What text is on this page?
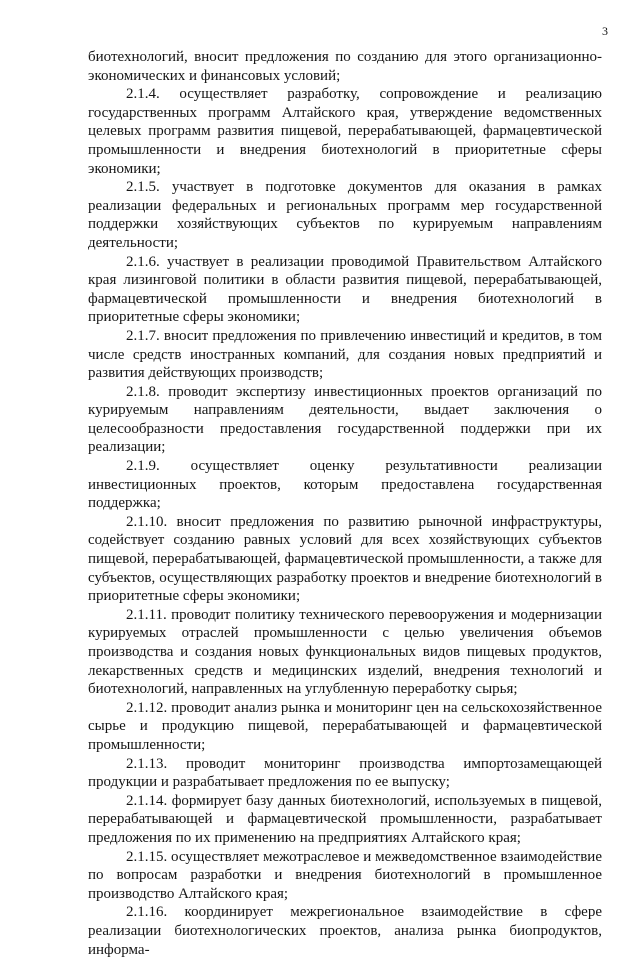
3

биотехнологий, вносит предложения по созданию для этого организационно-экономических и финансовых условий;

2.1.4. осуществляет разработку, сопровождение и реализацию государственных программ Алтайского края, утверждение ведомственных целевых программ развития пищевой, перерабатывающей, фармацевтической промышленности и внедрения биотехнологий в приоритетные сферы экономики;

2.1.5. участвует в подготовке документов для оказания в рамках реализации федеральных и региональных программ мер государственной поддержки хозяйствующих субъектов по курируемым направлениям деятельности;

2.1.6. участвует в реализации проводимой Правительством Алтайского края лизинговой политики в области развития пищевой, перерабатывающей, фармацевтической промышленности и внедрения биотехнологий в приоритетные сферы экономики;

2.1.7. вносит предложения по привлечению инвестиций и кредитов, в том числе средств иностранных компаний, для создания новых предприятий и развития действующих производств;

2.1.8. проводит экспертизу инвестиционных проектов организаций по курируемым направлениям деятельности, выдает заключения о целесообразности предоставления государственной поддержки при их реализации;

2.1.9. осуществляет оценку результативности реализации инвестиционных проектов, которым предоставлена государственная поддержка;

2.1.10. вносит предложения по развитию рыночной инфраструктуры, содействует созданию равных условий для всех хозяйствующих субъектов пищевой, перерабатывающей, фармацевтической промышленности, а также для субъектов, осуществляющих разработку проектов и внедрение биотехнологий в приоритетные сферы экономики;

2.1.11. проводит политику технического перевооружения и модернизации курируемых отраслей промышленности с целью увеличения объемов производства и создания новых функциональных видов пищевых продуктов, лекарственных средств и медицинских изделий, внедрения технологий и биотехнологий, направленных на углубленную переработку сырья;

2.1.12. проводит анализ рынка и мониторинг цен на сельскохозяйственное сырье и продукцию пищевой, перерабатывающей и фармацевтической промышленности;

2.1.13. проводит мониторинг производства импортозамещающей продукции и разрабатывает предложения по ее выпуску;

2.1.14. формирует базу данных биотехнологий, используемых в пищевой, перерабатывающей и фармацевтической промышленности, разрабатывает предложения по их применению на предприятиях Алтайского края;

2.1.15. осуществляет межотраслевое и межведомственное взаимодействие по вопросам разработки и внедрения биотехнологий в промышленное производство Алтайского края;

2.1.16. координирует межрегиональное взаимодействие в сфере реализации биотехнологических проектов, анализа рынка биопродуктов, информа-
